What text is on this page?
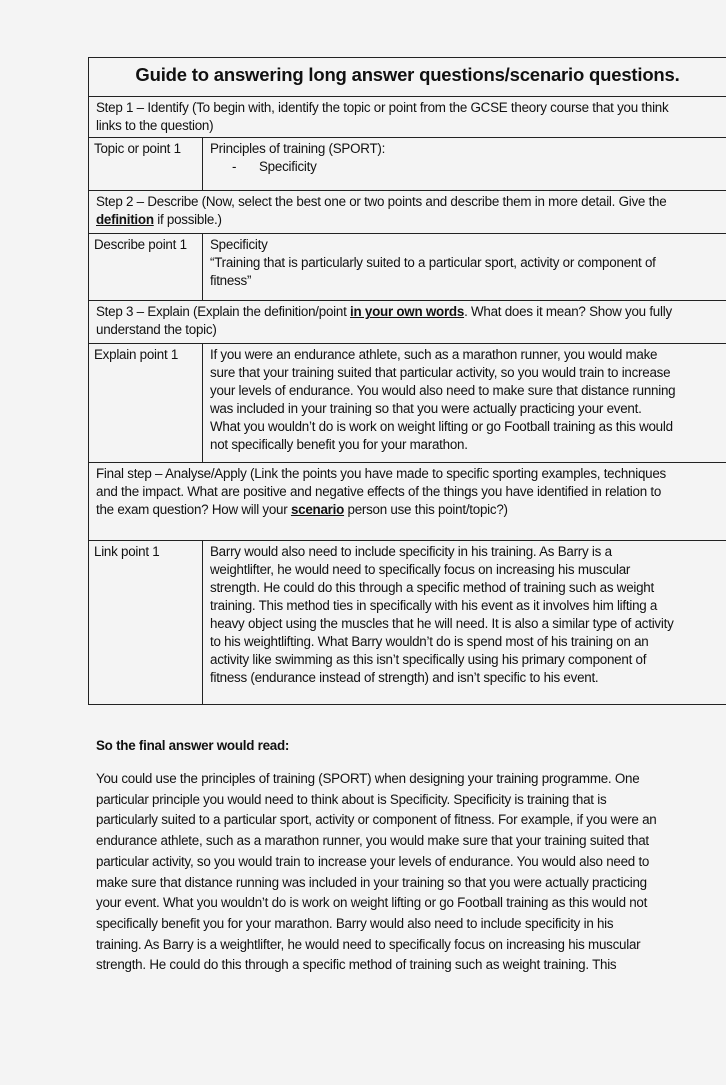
Guide to answering long answer questions/scenario questions.
Step 1 – Identify (To begin with, identify the topic or point from the GCSE theory course that you think
links to the question)
Topic or point 1	Principles of training (SPORT):
- Specificity
Step 2 – Describe (Now, select the best one or two points and describe them in more detail. Give the
definition if possible.)
Describe point 1	Specificity
“Training that is particularly suited to a particular sport, activity or component of
fitness”
Step 3 – Explain (Explain the definition/point in your own words. What does it mean? Show you fully
understand the topic)
Explain point 1	If you were an endurance athlete, such as a marathon runner, you would make
sure that your training suited that particular activity, so you would train to increase
your levels of endurance. You would also need to make sure that distance running
was included in your training so that you were actually practicing your event.
What you wouldn’t do is work on weight lifting or go Football training as this would
not specifically benefit you for your marathon.
Final step – Analyse/Apply (Link the points you have made to specific sporting examples, techniques
and the impact. What are positive and negative effects of the things you have identified in relation to
the exam question? How will your scenario person use this point/topic?)
Link point 1	Barry would also need to include specificity in his training. As Barry is a
weightlifter, he would need to specifically focus on increasing his muscular
strength. He could do this through a specific method of training such as weight
training. This method ties in specifically with his event as it involves him lifting a
heavy object using the muscles that he will need. It is also a similar type of activity
to his weightlifting. What Barry wouldn’t do is spend most of his training on an
activity like swimming as this isn’t specifically using his primary component of
fitness (endurance instead of strength) and isn’t specific to his event.
So the final answer would read:
You could use the principles of training (SPORT) when designing your training programme. One
particular principle you would need to think about is Specificity. Specificity is training that is
particularly suited to a particular sport, activity or component of fitness. For example, if you were an
endurance athlete, such as a marathon runner, you would make sure that your training suited that
particular activity, so you would train to increase your levels of endurance. You would also need to
make sure that distance running was included in your training so that you were actually practicing
your event. What you wouldn’t do is work on weight lifting or go Football training as this would not
specifically benefit you for your marathon. Barry would also need to include specificity in his
training. As Barry is a weightlifter, he would need to specifically focus on increasing his muscular
strength. He could do this through a specific method of training such as weight training. This
